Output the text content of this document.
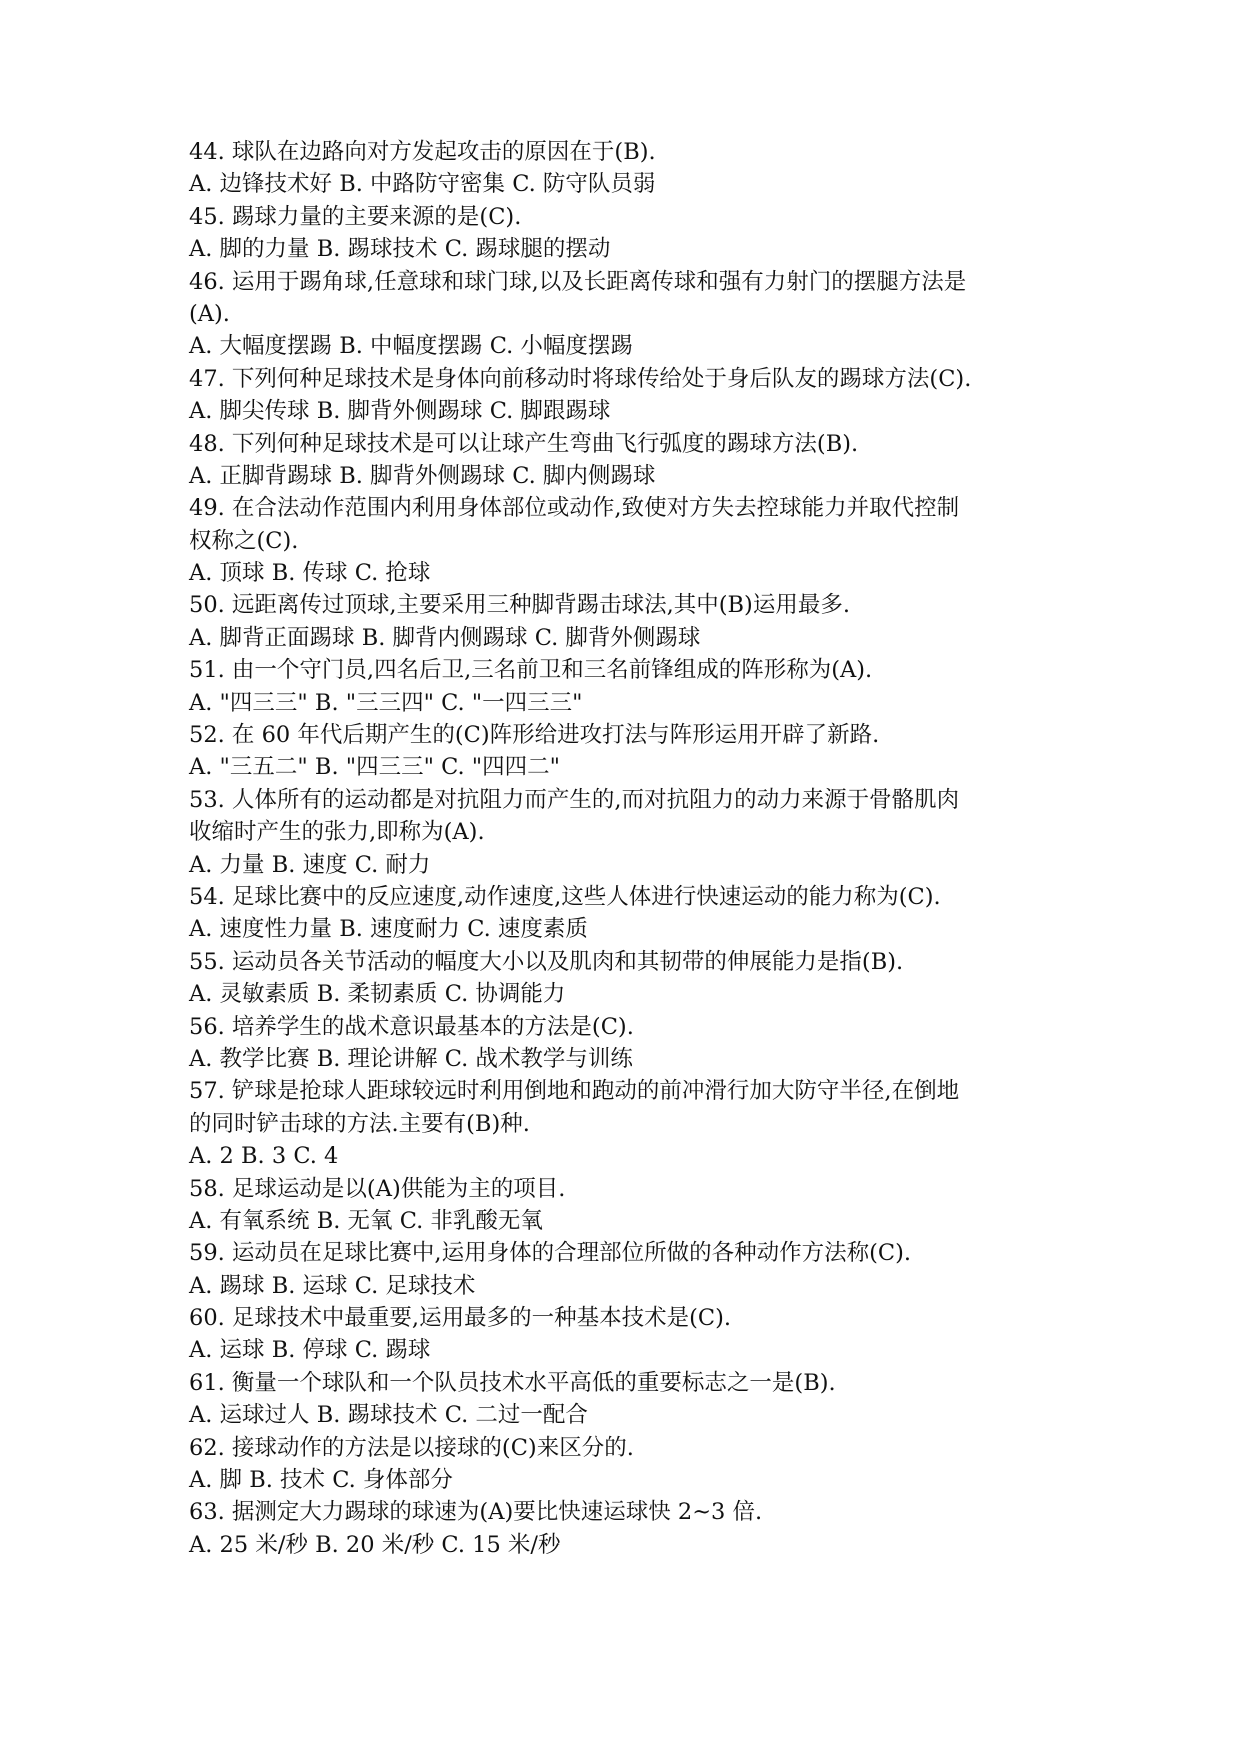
44. 球队在边路向对方发起攻击的原因在于(B).
A. 边锋技术好 B. 中路防守密集 C. 防守队员弱
45. 踢球力量的主要来源的是(C).
A. 脚的力量 B. 踢球技术 C. 踢球腿的摆动
46. 运用于踢角球,任意球和球门球,以及长距离传球和强有力射门的摆腿方法是
(A).
A. 大幅度摆踢 B. 中幅度摆踢 C. 小幅度摆踢
47. 下列何种足球技术是身体向前移动时将球传给处于身后队友的踢球方法(C).
A. 脚尖传球 B. 脚背外侧踢球 C. 脚跟踢球
48. 下列何种足球技术是可以让球产生弯曲飞行弧度的踢球方法(B).
A. 正脚背踢球 B. 脚背外侧踢球 C. 脚内侧踢球
49. 在合法动作范围内利用身体部位或动作,致使对方失去控球能力并取代控制
权称之(C).
A. 顶球 B. 传球 C. 抢球
50. 远距离传过顶球,主要采用三种脚背踢击球法,其中(B)运用最多.
A. 脚背正面踢球 B. 脚背内侧踢球 C. 脚背外侧踢球
51. 由一个守门员,四名后卫,三名前卫和三名前锋组成的阵形称为(A).
A. "四三三" B. "三三四" C. "一四三三"
52. 在 60 年代后期产生的(C)阵形给进攻打法与阵形运用开辟了新路.
A. "三五二" B. "四三三" C. "四四二"
53. 人体所有的运动都是对抗阻力而产生的,而对抗阻力的动力来源于骨骼肌肉
收缩时产生的张力,即称为(A).
A. 力量 B. 速度 C. 耐力
54. 足球比赛中的反应速度,动作速度,这些人体进行快速运动的能力称为(C).
A. 速度性力量 B. 速度耐力 C. 速度素质
55. 运动员各关节活动的幅度大小以及肌肉和其韧带的伸展能力是指(B).
A. 灵敏素质 B. 柔韧素质 C. 协调能力
56. 培养学生的战术意识最基本的方法是(C).
A. 教学比赛 B. 理论讲解 C. 战术教学与训练
57. 铲球是抢球人距球较远时利用倒地和跑动的前冲滑行加大防守半径,在倒地
的同时铲击球的方法.主要有(B)种.
A. 2 B. 3 C. 4
58. 足球运动是以(A)供能为主的项目.
A. 有氧系统 B. 无氧 C. 非乳酸无氧
59. 运动员在足球比赛中,运用身体的合理部位所做的各种动作方法称(C).
A. 踢球 B. 运球 C. 足球技术
60. 足球技术中最重要,运用最多的一种基本技术是(C).
A. 运球 B. 停球 C. 踢球
61. 衡量一个球队和一个队员技术水平高低的重要标志之一是(B).
A. 运球过人 B. 踢球技术 C. 二过一配合
62. 接球动作的方法是以接球的(C)来区分的.
A. 脚 B. 技术 C. 身体部分
63. 据测定大力踢球的球速为(A)要比快速运球快 2~3 倍.
A. 25 米/秒 B. 20 米/秒 C. 15 米/秒
